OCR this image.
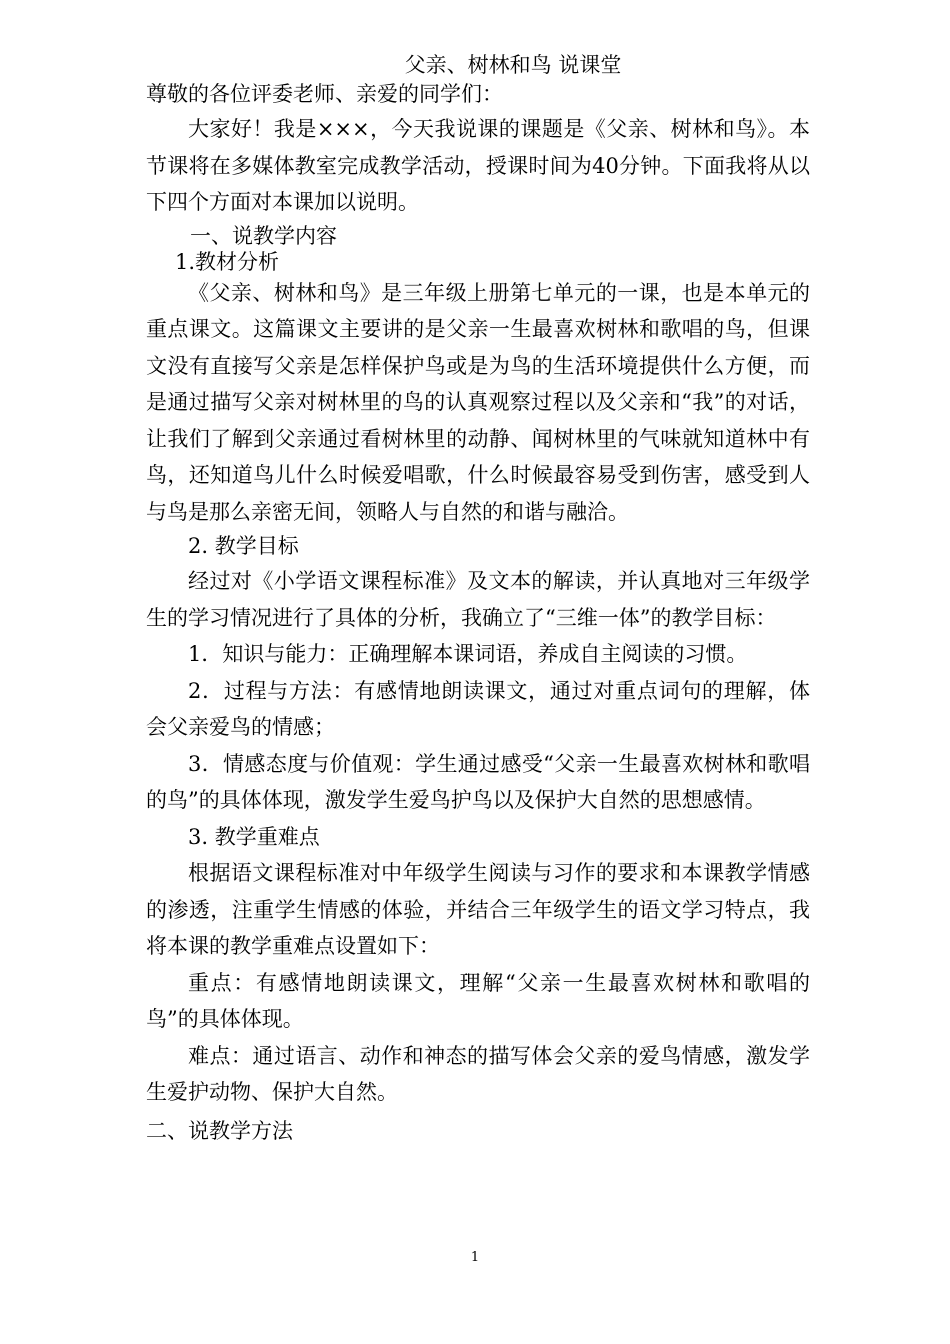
父亲、树林和鸟 说课堂

尊敬的各位评委老师、亲爱的同学们：

大家好！我是×××，今天我说课的课题是《父亲、树林和鸟》。本节课将在多媒体教室完成教学活动，授课时间为40分钟。下面我将从以下四个方面对本课加以说明。

一、说教学内容

1.教材分析

《父亲、树林和鸟》是三年级上册第七单元的一课，也是本单元的重点课文。这篇课文主要讲的是父亲一生最喜欢树林和歌唱的鸟，但课文没有直接写父亲是怎样保护鸟或是为鸟的生活环境提供什么方便，而是通过描写父亲对树林里的鸟的认真观察过程以及父亲和“我”的对话，让我们了解到父亲通过看树林里的动静、闻树林里的气味就知道林中有鸟，还知道鸟儿什么时候爱唱歌，什么时候最容易受到伤害，感受到人与鸟是那么亲密无间，领略人与自然的和谐与融洽。

2. 教学目标

经过对《小学语文课程标准》及文本的解读，并认真地对三年级学生的学习情况进行了具体的分析，我确立了“三维一体”的教学目标：

1．知识与能力：正确理解本课词语，养成自主阅读的习惯。

2．过程与方法：有感情地朗读课文，通过对重点词句的理解，体会父亲爱鸟的情感；

3．情感态度与价值观：学生通过感受“父亲一生最喜欢树林和歌唱的鸟”的具体体现，激发学生爱鸟护鸟以及保护大自然的思想感情。

3. 教学重难点

根据语文课程标准对中年级学生阅读与习作的要求和本课教学情感的渗透，注重学生情感的体验，并结合三年级学生的语文学习特点，我将本课的教学重难点设置如下：

重点：有感情地朗读课文，理解“父亲一生最喜欢树林和歌唱的鸟”的具体体现。

难点：通过语言、动作和神态的描写体会父亲的爱鸟情感，激发学生爱护动物、保护大自然。

二、说教学方法

1
